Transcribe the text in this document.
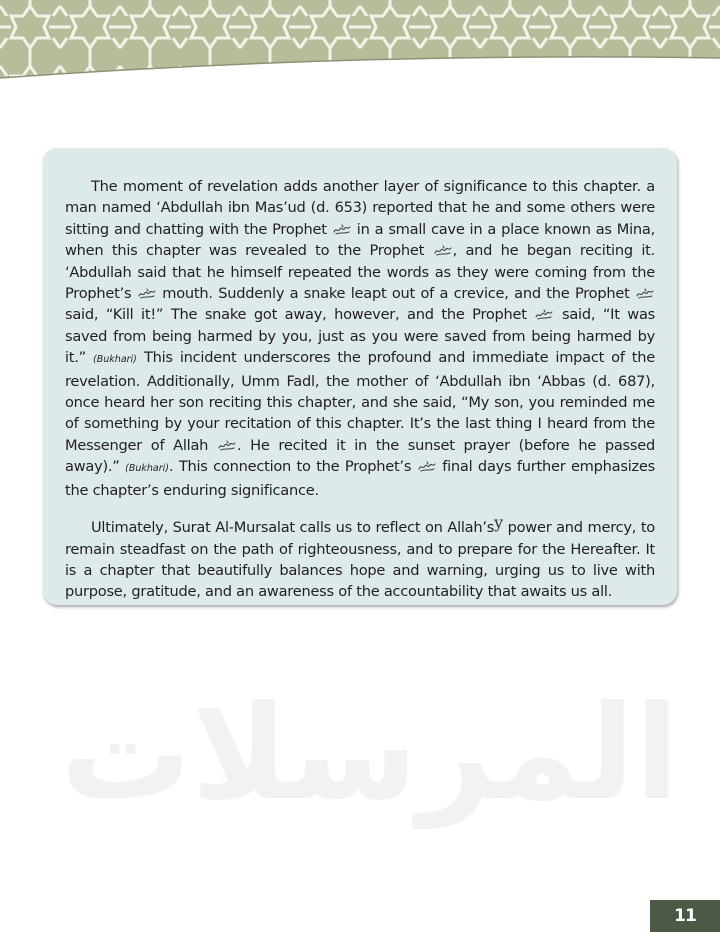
المرسلات

The moment of revelation adds another layer of significance to this chapter. a man named ‘Abdullah ibn Mas’ud (d. 653) reported that he and some others were sitting and chatting with the Prophet
in a small cave in a place known as Mina, when this chapter was revealed to the Prophet , and he began reciting it. ‘Abdullah said that he himself repeated the words as they were coming from the Prophet’s
mouth. Suddenly a snake leapt out of a crevice, and the Prophet
said, “Kill it!” The snake got away, however, and the Prophet
said, “It was saved from being harmed by you, just as you were saved from being harmed by it.” (Bukhari) This incident underscores the profound and immediate impact of the revelation. Additionally, Umm Fadl, the mother of ‘Abdullah ibn ‘Abbas (d. 687), once heard her son reciting this chapter, and she said, “My son, you reminded me of something by your recitation of this chapter. It’s the last thing I heard from the Messenger of Allah . He recited it in the sunset prayer (before he passed away).” (Bukhari). This connection to the Prophet’s
final days further emphasizes the chapter’s enduring significance.

Ultimately, Surat Al-Mursalat calls us to reflect on Allah’sy power and mercy, to remain steadfast on the path of righteousness, and to prepare for the Hereafter. It is a chapter that beautifully balances hope and warning, urging us to live with purpose, gratitude, and an awareness of the accountability that awaits us all.

11
